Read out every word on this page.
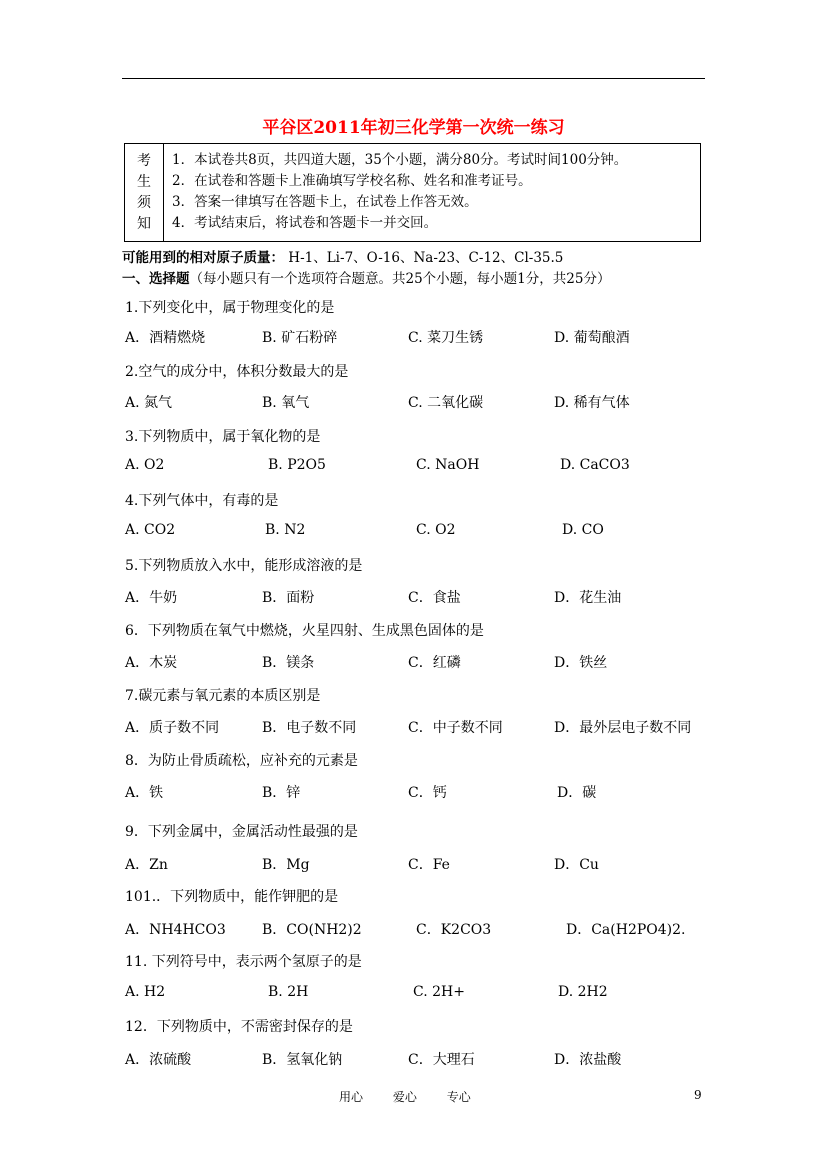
平谷区2011年初三化学第一次统一练习
考
生
须
知
1．本试卷共8页，共四道大题，35个小题，满分80分。考试时间100分钟。
2．在试卷和答题卡上准确填写学校名称、姓名和准考证号。
3．答案一律填写在答题卡上，在试卷上作答无效。
4．考试结束后，将试卷和答题卡一并交回。
可能用到的相对原子质量： H-1、Li-7、O-16、Na-23、C-12、Cl-35.5
一、选择题（每小题只有一个选项符合题意。共25个小题，每小题1分，共25分）
1.下列变化中，属于物理变化的是
A．酒精燃烧	B. 矿石粉碎	C. 菜刀生锈	D. 葡萄酿酒
2.空气的成分中，体积分数最大的是
A. 氮气	B. 氧气	C. 二氧化碳	D. 稀有气体
3.下列物质中，属于氧化物的是
A. O2	B. P2O5	C. NaOH	D. CaCO3
4.下列气体中，有毒的是
A. CO2	B. N2	C. O2	D. CO
5.下列物质放入水中，能形成溶液的是
A．牛奶	B．面粉	C．食盐	D．花生油
6．下列物质在氧气中燃烧，火星四射、生成黑色固体的是
A．木炭	B．镁条	C．红磷	D．铁丝
7.碳元素与氧元素的本质区别是
A．质子数不同	B．电子数不同	C．中子数不同	D．最外层电子数不同
8．为防止骨质疏松，应补充的元素是
A．铁	B．锌	C．钙	D．碳
9．下列金属中，金属活动性最强的是
A．Zn	B．Mg	C．Fe	D．Cu
101.．下列物质中，能作钾肥的是
A．NH4HCO3	B．CO(NH2)2	C．K2CO3	D．Ca(H2PO4)2.
11. 下列符号中，表示两个氢原子的是
A. H2	B. 2H	C. 2H+	D. 2H2
12．下列物质中，不需密封保存的是
A．浓硫酸	B．氢氧化钠	C．大理石	D．浓盐酸
用心 爱心 专心	9
